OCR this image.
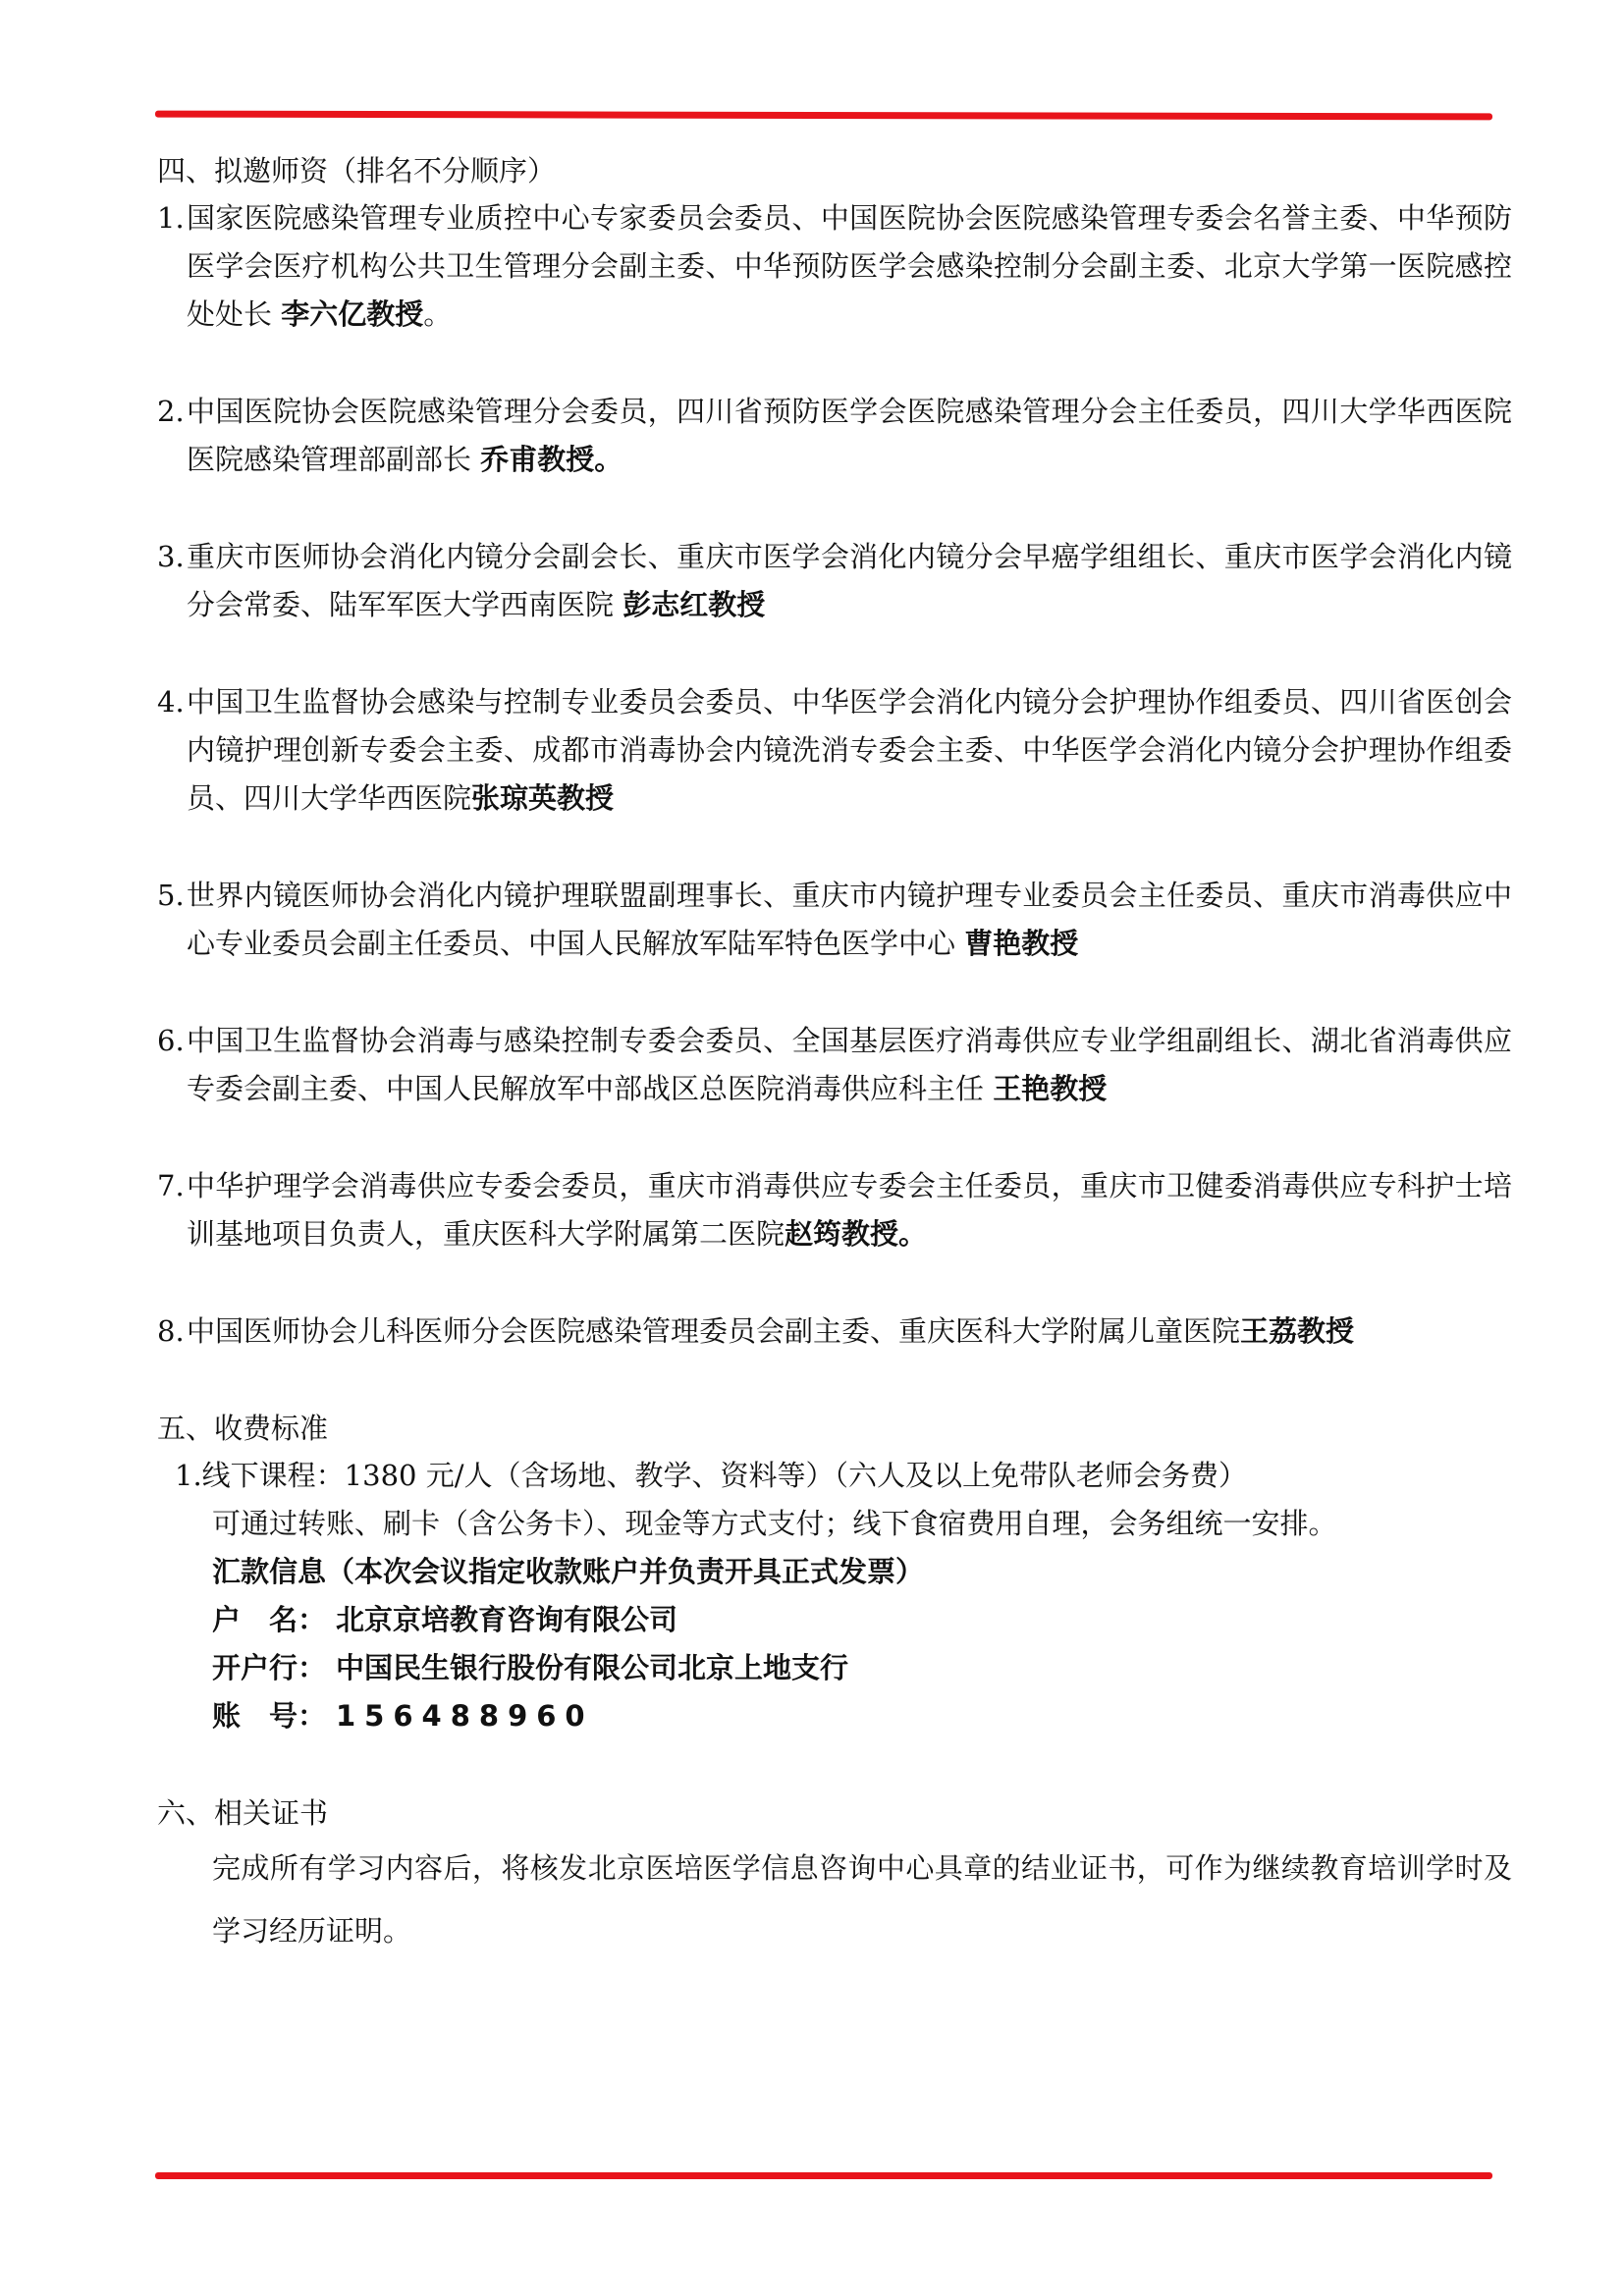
四、拟邀师资（排名不分顺序）
1. 国家医院感染管理专业质控中心专家委员会委员、中国医院协会医院感染管理专委会名誉主委、中华预防医学会医疗机构公共卫生管理分会副主委、中华预防医学会感染控制分会副主委、北京大学第一医院感控处处长 李六亿教授。
2. 中国医院协会医院感染管理分会委员，四川省预防医学会医院感染管理分会主任委员，四川大学华西医院医院感染管理部副部长 乔甫教授。
3. 重庆市医师协会消化内镜分会副会长、重庆市医学会消化内镜分会早癌学组组长、重庆市医学会消化内镜分会常委、陆军军医大学西南医院 彭志红教授
4. 中国卫生监督协会感染与控制专业委员会委员、中华医学会消化内镜分会护理协作组委员、四川省医创会内镜护理创新专委会主委、成都市消毒协会内镜洗消专委会主委、中华医学会消化内镜分会护理协作组委员、四川大学华西医院张琼英教授
5. 世界内镜医师协会消化内镜护理联盟副理事长、重庆市内镜护理专业委员会主任委员、重庆市消毒供应中心专业委员会副主任委员、中国人民解放军陆军特色医学中心 曹艳教授
6. 中国卫生监督协会消毒与感染控制专委会委员、全国基层医疗消毒供应专业学组副组长、湖北省消毒供应专委会副主委、中国人民解放军中部战区总医院消毒供应科主任 王艳教授
7. 中华护理学会消毒供应专委会委员，重庆市消毒供应专委会主任委员，重庆市卫健委消毒供应专科护士培训基地项目负责人，重庆医科大学附属第二医院赵筠教授。
8. 中国医师协会儿科医师分会医院感染管理委员会副主委、重庆医科大学附属儿童医院王荔教授
五、收费标准
1.线下课程：1380 元/人（含场地、教学、资料等）（六人及以上免带队老师会务费）
可通过转账、刷卡（含公务卡）、现金等方式支付；线下食宿费用自理，会务组统一安排。
汇款信息（本次会议指定收款账户并负责开具正式发票）
户　名： 北京京培教育咨询有限公司
开户行： 中国民生银行股份有限公司北京上地支行
账　号： 156488960
六、相关证书
完成所有学习内容后，将核发北京医培医学信息咨询中心具章的结业证书，可作为继续教育培训学时及学习经历证明。
